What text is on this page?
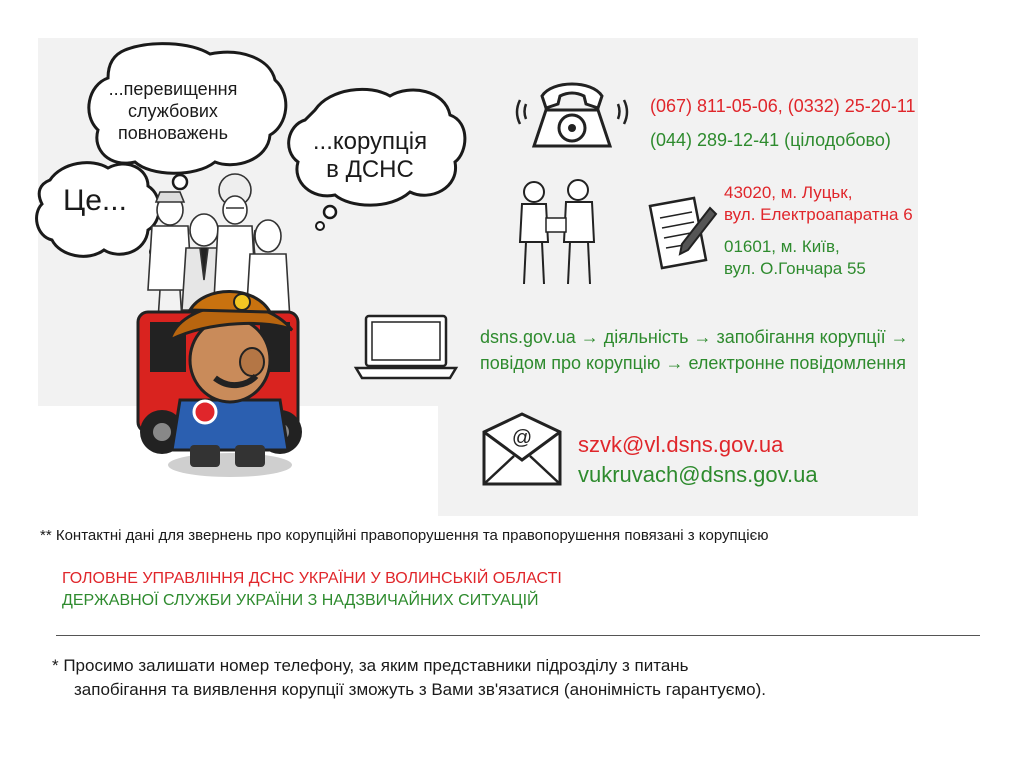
...перевищення
службових
повноважень	...корупція
в ДСНС
Це...
(067) 811-05-06, (0332) 25-20-11
(044) 289-12-41 (цілодобово)
43020, м. Луцьк,
вул. Електроапаратна 6
01601, м. Київ,
вул. О.Гончара 55
dsns.gov.ua → діяльність → запобігання корупції →
повідом про корупцію → електронне повідомлення
@ szvk@vl.dsns.gov.ua
vukruvach@dsns.gov.ua
** Контактні дані для звернень про корупційні правопорушення та правопорушення повязані з корупцією
ГОЛОВНЕ УПРАВЛІННЯ ДСНС УКРАЇНИ У ВОЛИНСЬКІЙ ОБЛАСТІ
ДЕРЖАВНОЇ СЛУЖБИ УКРАЇНИ З НАДЗВИЧАЙНИХ СИТУАЦІЙ
* Просимо залишати номер телефону, за яким представники підрозділу з питань
запобігання та виявлення корупції зможуть з Вами зв'язатися (анонімність гарантуємо).
